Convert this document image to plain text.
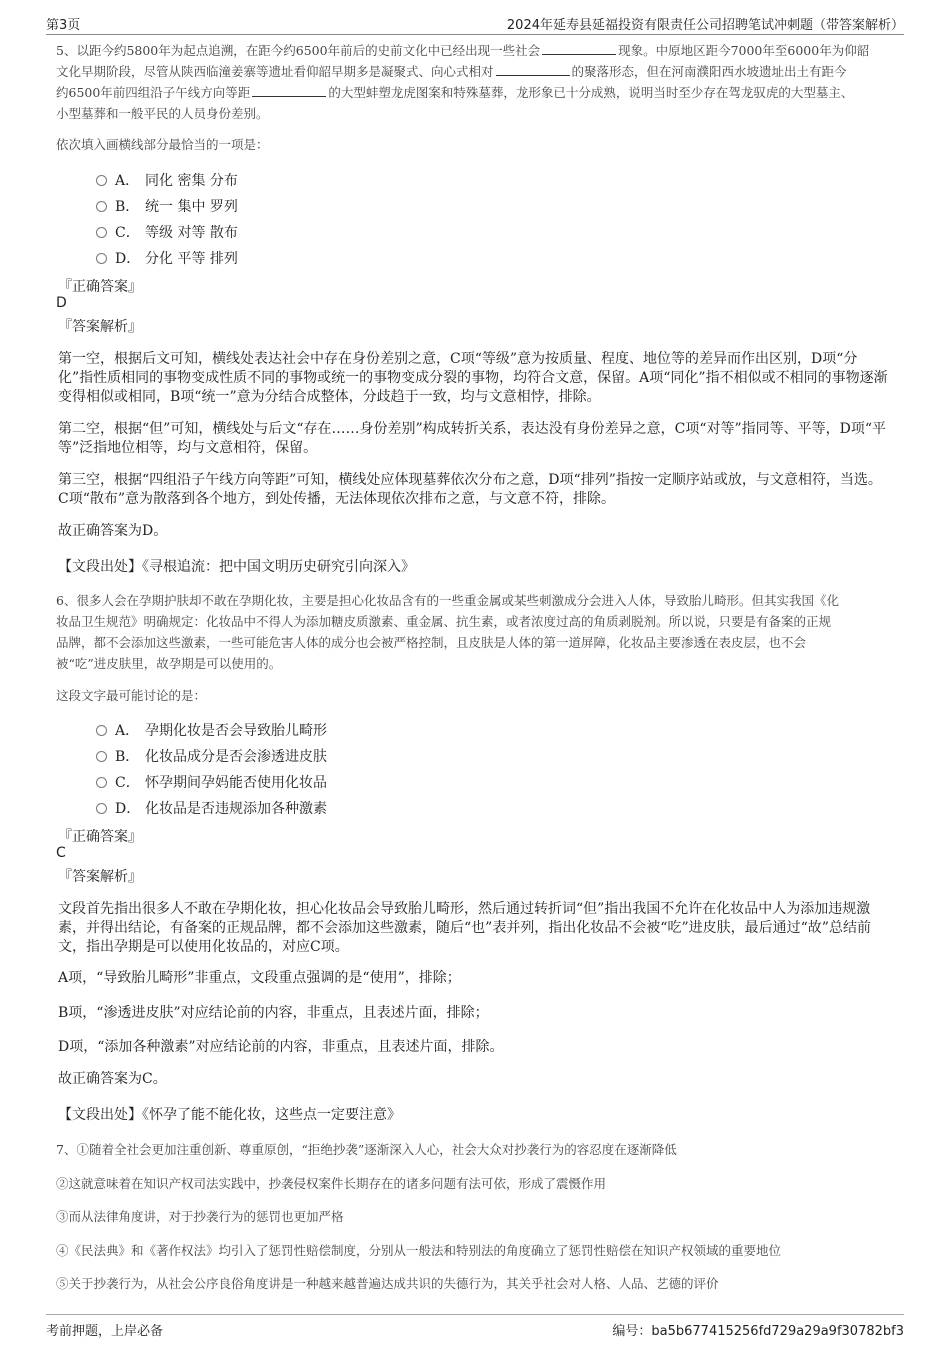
第3页	2024年延寿县延福投资有限责任公司招聘笔试冲刺题（带答案解析）
5、以距今约5800年为起点追溯，在距今约6500年前后的史前文化中已经出现一些社会	现象。中原地区距今7000年至6000年为仰韶
文化早期阶段，尽管从陕西临潼姜寨等遗址看仰韶早期多是凝聚式、向心式相对	的聚落形态，但在河南濮阳西水坡遗址出土有距今
约6500年前四组沿子午线方向等距	的大型蚌塑龙虎图案和特殊墓葬，龙形象已十分成熟，说明当时至少存在驾龙驭虎的大型墓主、
小型墓葬和一般平民的人员身份差别。
依次填入画横线部分最恰当的一项是：
A． 同化 密集 分布
B． 统一 集中 罗列
C． 等级 对等 散布
D． 分化 平等 排列
『正确答案』
D
『答案解析』
第一空，根据后文可知，横线处表达社会中存在身份差别之意，C项“等级”意为按质量、程度、地位等的差异而作出区别，D项“分化”指性质相同的事物变成性质不同的事物或统一的事物变成分裂的事物，均符合文意，保留。A项“同化”指不相似或不相同的事物逐渐变得相似或相同，B项“统一”意为分结合成整体，分歧趋于一致，均与文意相悖，排除。
第二空，根据“但”可知，横线处与后文“存在……身份差别”构成转折关系，表达没有身份差异之意，C项“对等”指同等、平等，D项“平等”泛指地位相等，均与文意相符，保留。
第三空，根据“四组沿子午线方向等距”可知，横线处应体现墓葬依次分布之意，D项“排列”指按一定顺序站或放，与文意相符，当选。C项“散布”意为散落到各个地方，到处传播，无法体现依次排布之意，与文意不符，排除。
故正确答案为D。
【文段出处】《寻根追流：把中国文明历史研究引向深入》
6、很多人会在孕期护肤却不敢在孕期化妆，主要是担心化妆品含有的一些重金属或某些刺激成分会进入人体，导致胎儿畸形。但其实我国《化
妆品卫生规范》明确规定：化妆品中不得人为添加糖皮质激素、重金属、抗生素，或者浓度过高的角质剥脱剂。所以说，只要是有备案的正规
品牌，都不会添加这些激素，一些可能危害人体的成分也会被严格控制，且皮肤是人体的第一道屏障，化妆品主要渗透在表皮层，也不会
被“吃”进皮肤里，故孕期是可以使用的。
这段文字最可能讨论的是：
A． 孕期化妆是否会导致胎儿畸形
B． 化妆品成分是否会渗透进皮肤
C． 怀孕期间孕妈能否使用化妆品
D． 化妆品是否违规添加各种激素
『正确答案』
C
『答案解析』
文段首先指出很多人不敢在孕期化妆，担心化妆品会导致胎儿畸形，然后通过转折词“但”指出我国不允许在化妆品中人为添加违规激素，并得出结论，有备案的正规品牌，都不会添加这些激素，随后“也”表并列，指出化妆品不会被“吃”进皮肤，最后通过“故”总结前文，指出孕期是可以使用化妆品的，对应C项。
A项，“导致胎儿畸形”非重点，文段重点强调的是“使用”，排除；
B项，“渗透进皮肤”对应结论前的内容，非重点，且表述片面，排除；
D项，“添加各种激素”对应结论前的内容，非重点，且表述片面，排除。
故正确答案为C。
【文段出处】《怀孕了能不能化妆，这些点一定要注意》
7、①随着全社会更加注重创新、尊重原创，“拒绝抄袭”逐渐深入人心，社会大众对抄袭行为的容忍度在逐渐降低
②这就意味着在知识产权司法实践中，抄袭侵权案件长期存在的诸多问题有法可依，形成了震慑作用
③而从法律角度讲，对于抄袭行为的惩罚也更加严格
④《民法典》和《著作权法》均引入了惩罚性赔偿制度，分别从一般法和特别法的角度确立了惩罚性赔偿在知识产权领域的重要地位
⑤关于抄袭行为，从社会公序良俗角度讲是一种越来越普遍达成共识的失德行为，其关乎社会对人格、人品、艺德的评价
考前押题，上岸必备	编号：ba5b677415256fd729a29a9f30782bf3
